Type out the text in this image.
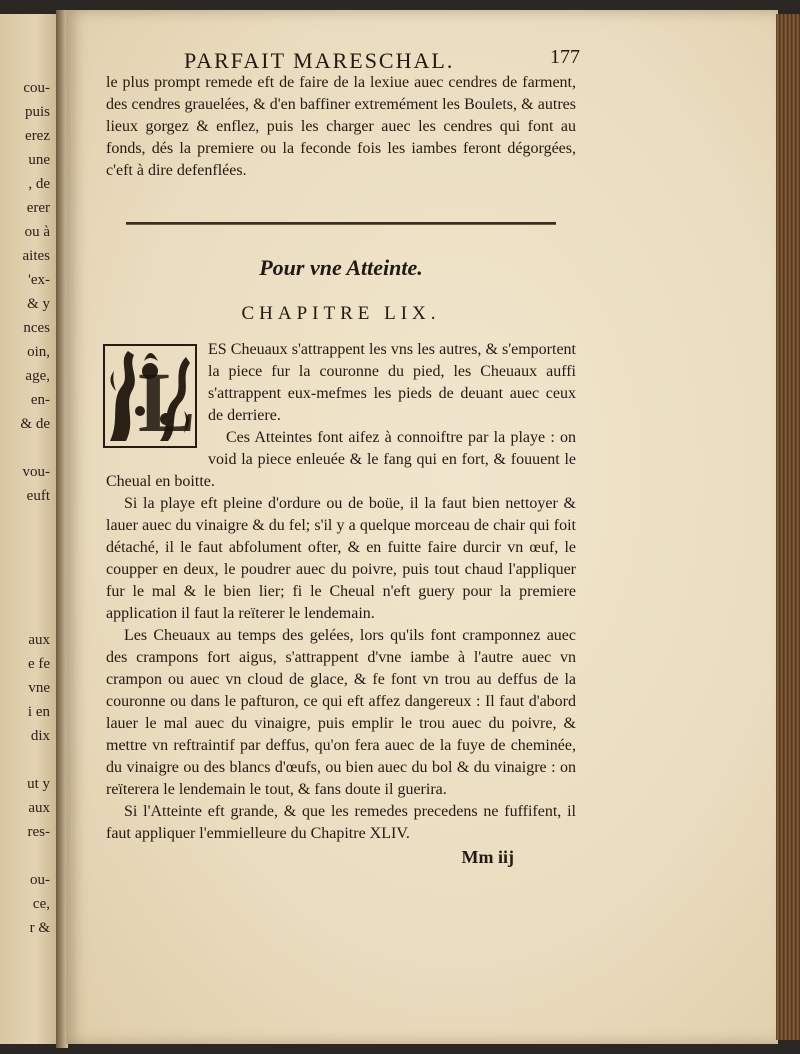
cou-
puis
erez
une
, de
erer
ou à
aites
'ex-
& y
nces
oin,
age,
en-
& de
vou-
euft
aux
e fe
vne
i en
dix
ut y
aux
res-
ou-
ce,
r &
PARFAIT MARESCHAL.	177

le plus prompt remede eft de faire de la lexiue auec cendres de farment, des cendres grauelées, & d'en baffiner extremément les Boulets, & autres lieux gorgez & enflez, puis les charger auec les cendres qui font au fonds, dés la premiere ou la feconde fois les iambes feront dégorgées, c'eft à dire defenflées.

Pour vne Atteinte.
CHAPITRE LIX.
L

ES Cheuaux s'attrappent les vns les autres, & s'emportent la piece fur la couronne du pied, les Cheuaux auffi s'attrappent eux-mefmes les pieds de deuant auec ceux de derriere.

Ces Atteintes font aifez à connoiftre par la playe : on void la piece enleuée & le fang qui en fort, & fouuent le Cheual en boitte.

Si la playe eft pleine d'ordure ou de boüe, il la faut bien nettoyer & lauer auec du vinaigre & du fel; s'il y a quelque morceau de chair qui foit détaché, il le faut abfolument ofter, & en fuitte faire durcir vn œuf, le coupper en deux, le poudrer auec du poivre, puis tout chaud l'appliquer fur le mal & le bien lier; fi le Cheual n'eft guery pour la premiere application il faut la reïterer le lendemain.

Les Cheuaux au temps des gelées, lors qu'ils font cramponnez auec des crampons fort aigus, s'attrappent d'vne iambe à l'autre auec vn crampon ou auec vn cloud de glace, & fe font vn trou au deffus de la couronne ou dans le pafturon, ce qui eft affez dangereux : Il faut d'abord lauer le mal auec du vinaigre, puis emplir le trou auec du poivre, & mettre vn reftraintif par deffus, qu'on fera auec de la fuye de cheminée, du vinaigre ou des blancs d'œufs, ou bien auec du bol & du vinaigre : on reïterera le lendemain le tout, & fans doute il guerira.

Si l'Atteinte eft grande, & que les remedes precedens ne fuffifent, il faut appliquer l'emmielleure du Chapitre XLIV.

Mm iij
